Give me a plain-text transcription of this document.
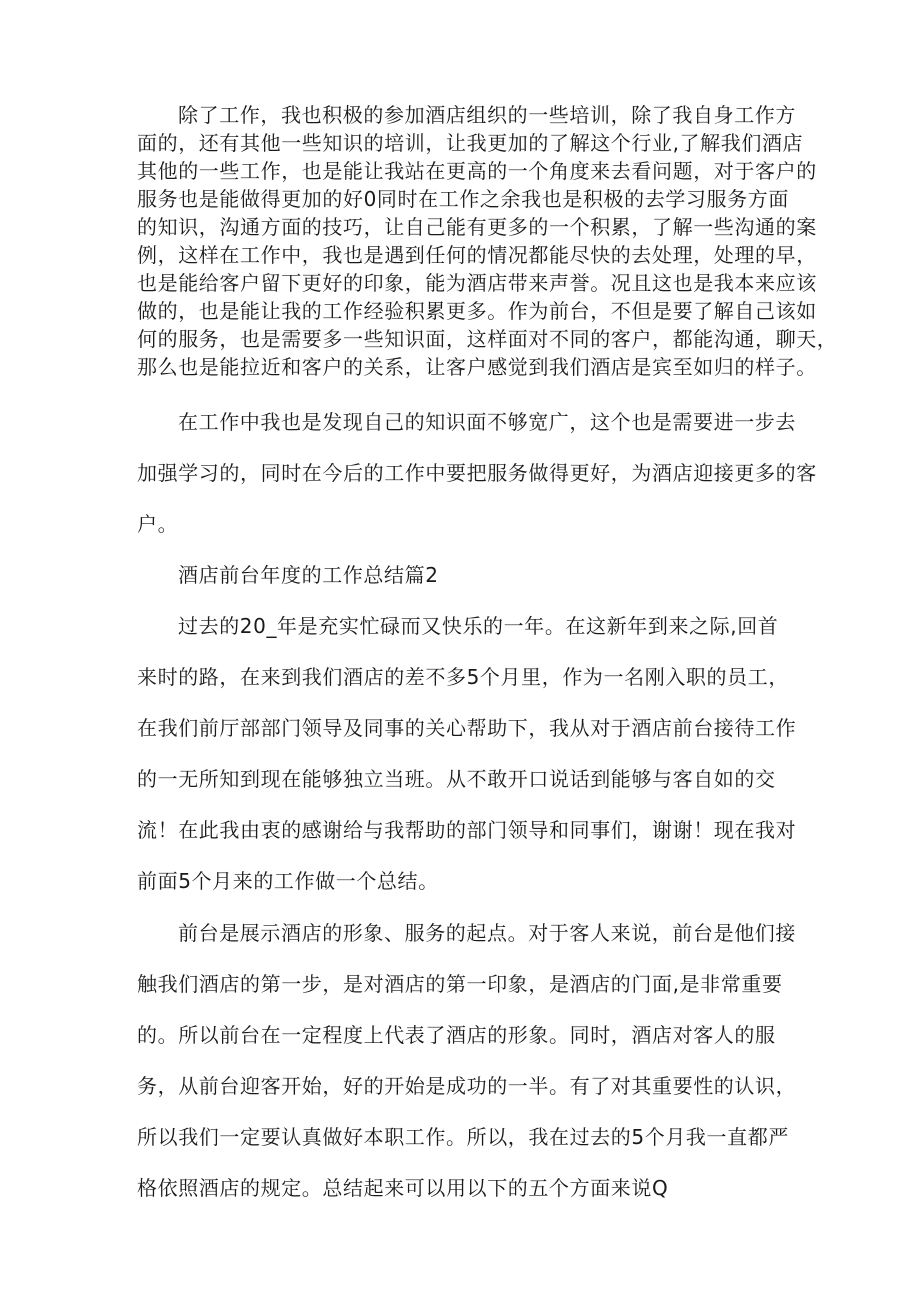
除了工作，我也积极的参加酒店组织的一些培训，除了我自身工作方
面的，还有其他一些知识的培训，让我更加的了解这个行业,了解我们酒店
其他的一些工作，也是能让我站在更高的一个角度来去看问题，对于客户的
服务也是能做得更加的好0同时在工作之余我也是积极的去学习服务方面
的知识，沟通方面的技巧，让自己能有更多的一个积累，了解一些沟通的案
例，这样在工作中，我也是遇到任何的情况都能尽快的去处理，处理的早，
也是能给客户留下更好的印象，能为酒店带来声誉。况且这也是我本来应该
做的，也是能让我的工作经验积累更多。作为前台，不但是要了解自己该如
何的服务，也是需要多一些知识面，这样面对不同的客户，都能沟通，聊天，
那么也是能拉近和客户的关系，让客户感觉到我们酒店是宾至如归的样子。
在工作中我也是发现自己的知识面不够宽广，这个也是需要进一步去
加强学习的，同时在今后的工作中要把服务做得更好，为酒店迎接更多的客
户。
酒店前台年度的工作总结篇2
过去的20_年是充实忙碌而又快乐的一年。在这新年到来之际,回首
来时的路，在来到我们酒店的差不多5个月里，作为一名刚入职的员工，
在我们前厅部部门领导及同事的关心帮助下，我从对于酒店前台接待工作
的一无所知到现在能够独立当班。从不敢开口说话到能够与客自如的交
流！在此我由衷的感谢给与我帮助的部门领导和同事们，谢谢！现在我对
前面5个月来的工作做一个总结。
前台是展示酒店的形象、服务的起点。对于客人来说，前台是他们接
触我们酒店的第一步，是对酒店的第一印象，是酒店的门面,是非常重要
的。所以前台在一定程度上代表了酒店的形象。同时，酒店对客人的服
务，从前台迎客开始，好的开始是成功的一半。有了对其重要性的认识，
所以我们一定要认真做好本职工作。所以，我在过去的5个月我一直都严
格依照酒店的规定。总结起来可以用以下的五个方面来说Q
